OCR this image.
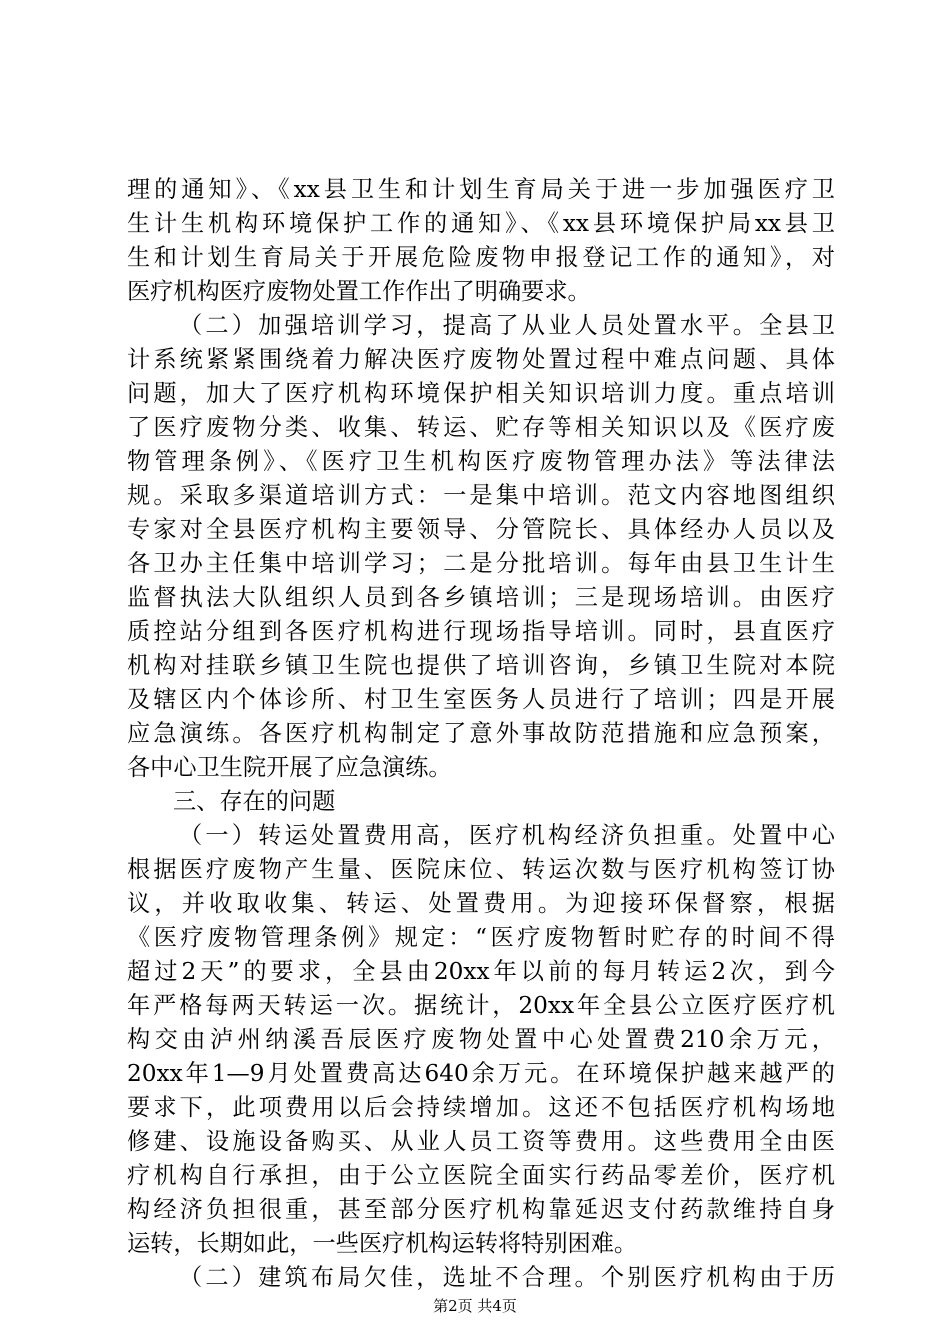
理的通知》、《xx县卫生和计划生育局关于进一步加强医疗卫
生计生机构环境保护工作的通知》、《xx县环境保护局xx县卫
生和计划生育局关于开展危险废物申报登记工作的通知》，对
医疗机构医疗废物处置工作作出了明确要求。
（二）加强培训学习，提高了从业人员处置水平。全县卫
计系统紧紧围绕着力解决医疗废物处置过程中难点问题、具体
问题，加大了医疗机构环境保护相关知识培训力度。重点培训
了医疗废物分类、收集、转运、贮存等相关知识以及《医疗废
物管理条例》、《医疗卫生机构医疗废物管理办法》等法律法
规。采取多渠道培训方式：一是集中培训。范文内容地图组织
专家对全县医疗机构主要领导、分管院长、具体经办人员以及
各卫办主任集中培训学习；二是分批培训。每年由县卫生计生
监督执法大队组织人员到各乡镇培训；三是现场培训。由医疗
质控站分组到各医疗机构进行现场指导培训。同时，县直医疗
机构对挂联乡镇卫生院也提供了培训咨询，乡镇卫生院对本院
及辖区内个体诊所、村卫生室医务人员进行了培训；四是开展
应急演练。各医疗机构制定了意外事故防范措施和应急预案，
各中心卫生院开展了应急演练。
三、存在的问题
（一）转运处置费用高，医疗机构经济负担重。处置中心
根据医疗废物产生量、医院床位、转运次数与医疗机构签订协
议，并收取收集、转运、处置费用。为迎接环保督察，根据
《医疗废物管理条例》规定：“医疗废物暂时贮存的时间不得
超过2天”的要求，全县由20xx年以前的每月转运2次，到今
年严格每两天转运一次。据统计，20xx年全县公立医疗医疗机
构交由泸州纳溪吾辰医疗废物处置中心处置费210余万元，
20xx年1—9月处置费高达640余万元。在环境保护越来越严的
要求下，此项费用以后会持续增加。这还不包括医疗机构场地
修建、设施设备购买、从业人员工资等费用。这些费用全由医
疗机构自行承担，由于公立医院全面实行药品零差价，医疗机
构经济负担很重，甚至部分医疗机构靠延迟支付药款维持自身
运转，长期如此，一些医疗机构运转将特别困难。
（二）建筑布局欠佳，选址不合理。个别医疗机构由于历
第2页 共4页
